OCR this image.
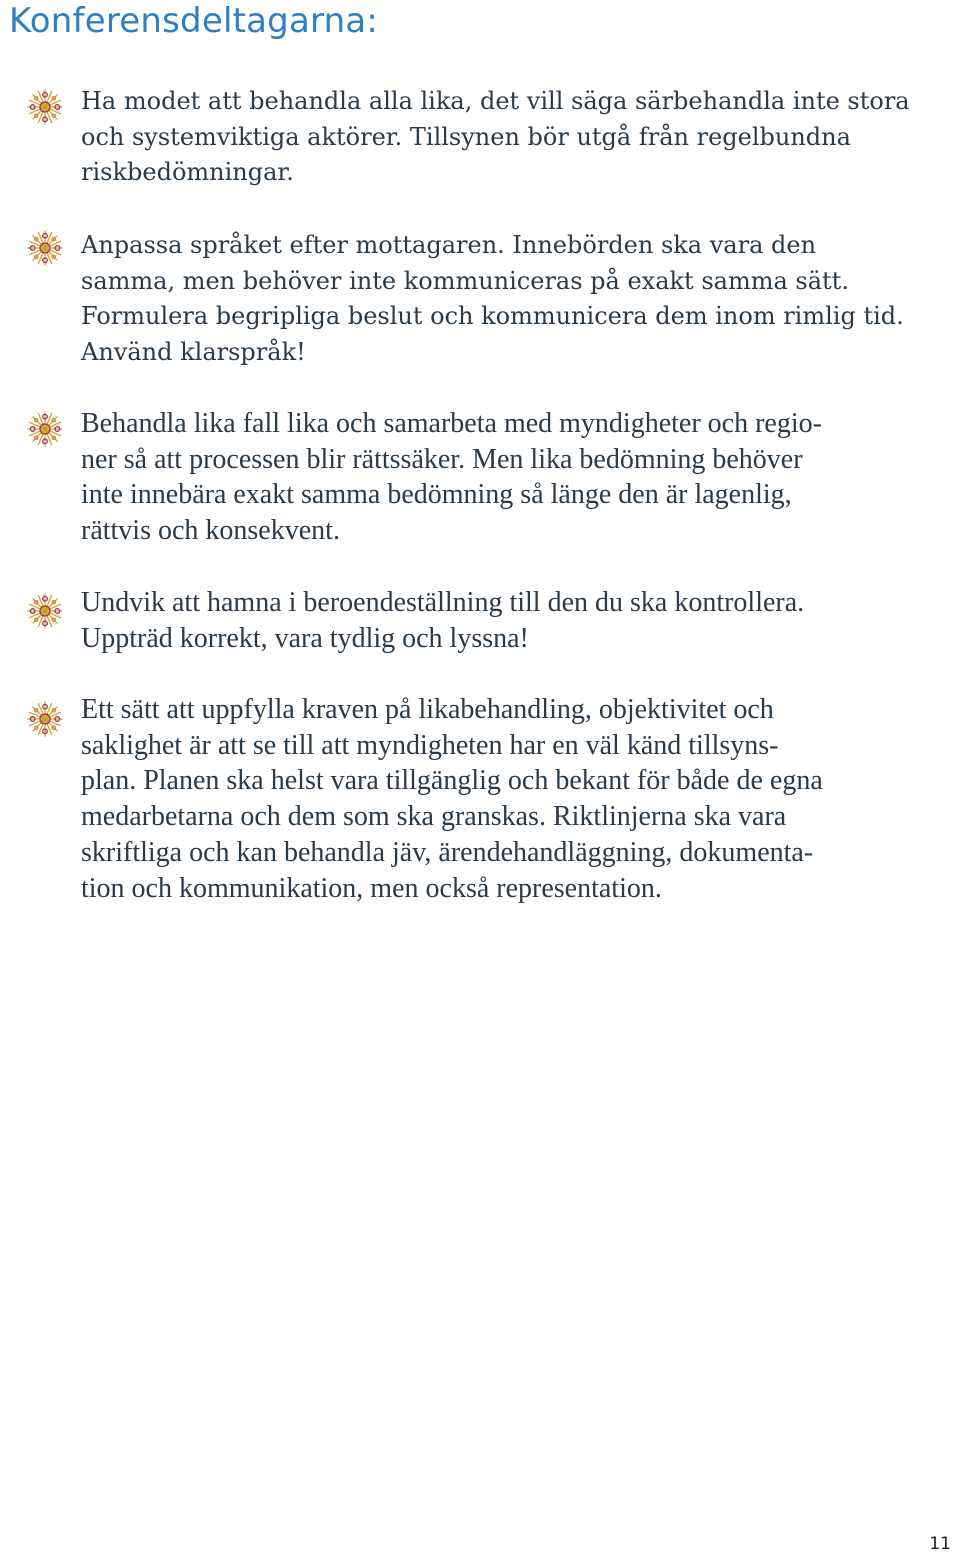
Konferensdeltagarna:

Ha modet att behandla alla lika, det vill säga särbehandla inte stora
och systemviktiga aktörer. Tillsynen bör utgå från regelbundna
riskbedömningar.

Anpassa språket efter mottagaren. Innebörden ska vara den
samma, men behöver inte kommuniceras på exakt samma sätt.
Formulera begripliga beslut och kommunicera dem inom rimlig tid.
Använd klarspråk!

Behandla lika fall lika och samarbeta med myndigheter och regio-
ner så att processen blir rättssäker. Men lika bedömning behöver
inte innebära exakt samma bedömning så länge den är lagenlig,
rättvis och konsekvent.

Undvik att hamna i beroendeställning till den du ska kontrollera.
Uppträd korrekt, vara tydlig och lyssna!

Ett sätt att uppfylla kraven på likabehandling, objektivitet och
saklighet är att se till att myndigheten har en väl känd tillsyns-
plan. Planen ska helst vara tillgänglig och bekant för både de egna
medarbetarna och dem som ska granskas. Riktlinjerna ska vara
skriftliga och kan behandla jäv, ärendehandläggning, dokumenta-
tion och kommunikation, men också representation.

11
